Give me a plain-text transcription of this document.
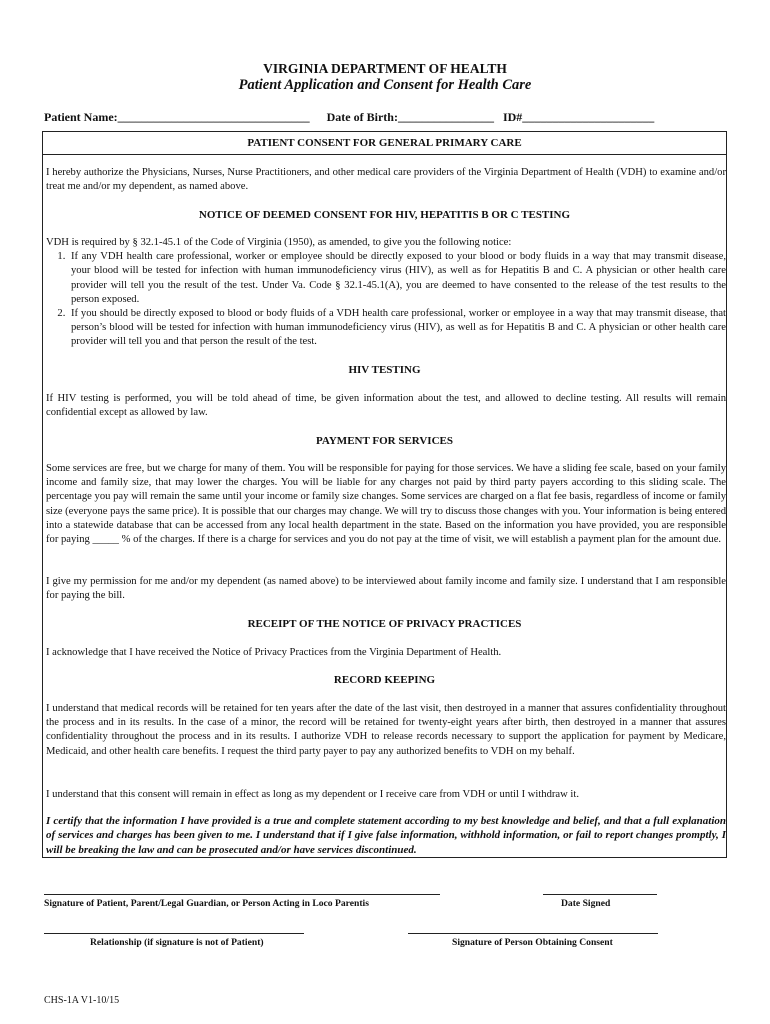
VIRGINIA DEPARTMENT OF HEALTH
Patient Application and Consent for Health Care
Patient Name:________________________________ Date of Birth:________________ ID#______________________
PATIENT CONSENT FOR GENERAL PRIMARY CARE
I hereby authorize the Physicians, Nurses, Nurse Practitioners, and other medical care providers of the Virginia Department of Health (VDH) to examine and/or treat me and/or my dependent, as named above.
NOTICE OF DEEMED CONSENT FOR HIV, HEPATITIS B OR C TESTING
VDH is required by § 32.1-45.1 of the Code of Virginia (1950), as amended, to give you the following notice:
1. If any VDH health care professional, worker or employee should be directly exposed to your blood or body fluids in a way that may transmit disease, your blood will be tested for infection with human immunodeficiency virus (HIV), as well as for Hepatitis B and C. A physician or other health care provider will tell you the result of the test. Under Va. Code § 32.1-45.1(A), you are deemed to have consented to the release of the test results to the person exposed.
2. If you should be directly exposed to blood or body fluids of a VDH health care professional, worker or employee in a way that may transmit disease, that person’s blood will be tested for infection with human immunodeficiency virus (HIV), as well as for Hepatitis B and C. A physician or other health care provider will tell you and that person the result of the test.
HIV TESTING
If HIV testing is performed, you will be told ahead of time, be given information about the test, and allowed to decline testing. All results will remain confidential except as allowed by law.
PAYMENT FOR SERVICES
Some services are free, but we charge for many of them. You will be responsible for paying for those services. We have a sliding fee scale, based on your family income and family size, that may lower the charges. You will be liable for any charges not paid by third party payers according to this sliding scale. The percentage you pay will remain the same until your income or family size changes. Some services are charged on a flat fee basis, regardless of income or family size (everyone pays the same price). It is possible that our charges may change. We will try to discuss those changes with you. Your information is being entered into a statewide database that can be accessed from any local health department in the state. Based on the information you have provided, you are responsible for paying _____ % of the charges. If there is a charge for services and you do not pay at the time of visit, we will establish a payment plan for the amount due.
I give my permission for me and/or my dependent (as named above) to be interviewed about family income and family size. I understand that I am responsible for paying the bill.
RECEIPT OF THE NOTICE OF PRIVACY PRACTICES
I acknowledge that I have received the Notice of Privacy Practices from the Virginia Department of Health.
RECORD KEEPING
I understand that medical records will be retained for ten years after the date of the last visit, then destroyed in a manner that assures confidentiality throughout the process and in its results. In the case of a minor, the record will be retained for twenty-eight years after birth, then destroyed in a manner that assures confidentiality throughout the process and in its results. I authorize VDH to release records necessary to support the application for payment by Medicare, Medicaid, and other health care benefits. I request the third party payer to pay any authorized benefits to VDH on my behalf.
I understand that this consent will remain in effect as long as my dependent or I receive care from VDH or until I withdraw it.
I certify that the information I have provided is a true and complete statement according to my best knowledge and belief, and that a full explanation of services and charges has been given to me. I understand that if I give false information, withhold information, or fail to report changes promptly, I will be breaking the law and can be prosecuted and/or have services discontinued.
Signature of Patient, Parent/Legal Guardian, or Person Acting in Loco Parentis	Date Signed
Relationship (if signature is not of Patient)	Signature of Person Obtaining Consent
CHS-1A V1-10/15
